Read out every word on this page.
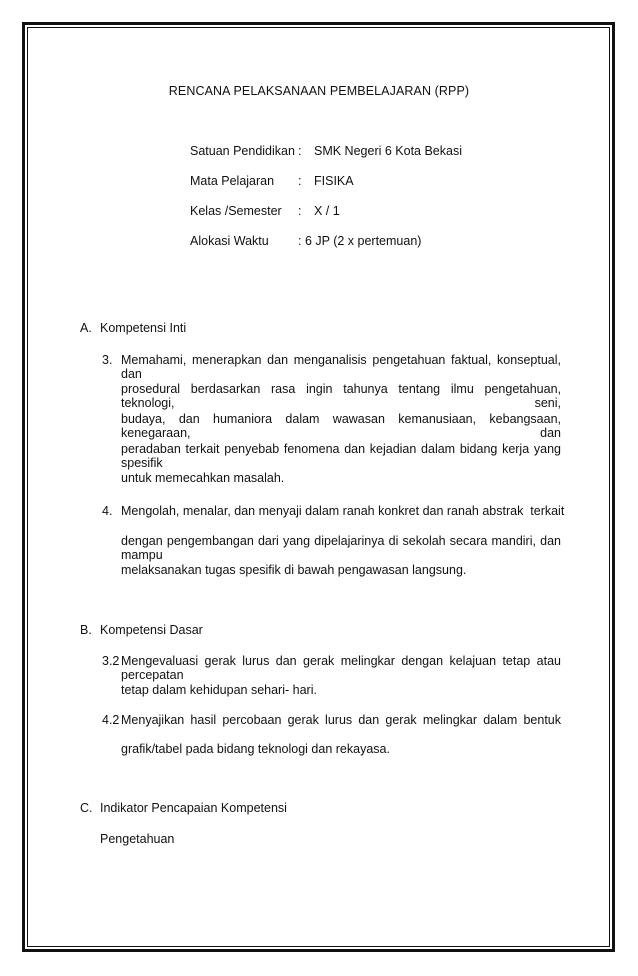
RENCANA PELAKSANAAN PEMBELAJARAN (RPP)
Satuan Pendidikan : SMK Negeri 6 Kota Bekasi
Mata Pelajaran : FISIKA
Kelas /Semester : X / 1
Alokasi Waktu : 6 JP (2 x pertemuan)
A. Kompetensi Inti
3. Memahami, menerapkan dan menganalisis pengetahuan faktual, konseptual, dan
prosedural berdasarkan rasa ingin tahunya tentang ilmu pengetahuan, teknologi, seni,
budaya, dan humaniora dalam wawasan kemanusiaan, kebangsaan, kenegaraan, dan
peradaban terkait penyebab fenomena dan kejadian dalam bidang kerja yang spesifik
untuk memecahkan masalah.
4. Mengolah, menalar, dan menyaji dalam ranah konkret dan ranah abstrak  terkait
dengan pengembangan dari yang dipelajarinya di sekolah secara mandiri, dan mampu
melaksanakan tugas spesifik di bawah pengawasan langsung.
B. Kompetensi Dasar
3.2 Mengevaluasi gerak lurus dan gerak melingkar dengan kelajuan tetap atau percepatan
tetap dalam kehidupan sehari- hari.
4.2 Menyajikan hasil percobaan gerak lurus dan gerak melingkar dalam bentuk
grafik/tabel pada bidang teknologi dan rekayasa.
C. Indikator Pencapaian Kompetensi
Pengetahuan
